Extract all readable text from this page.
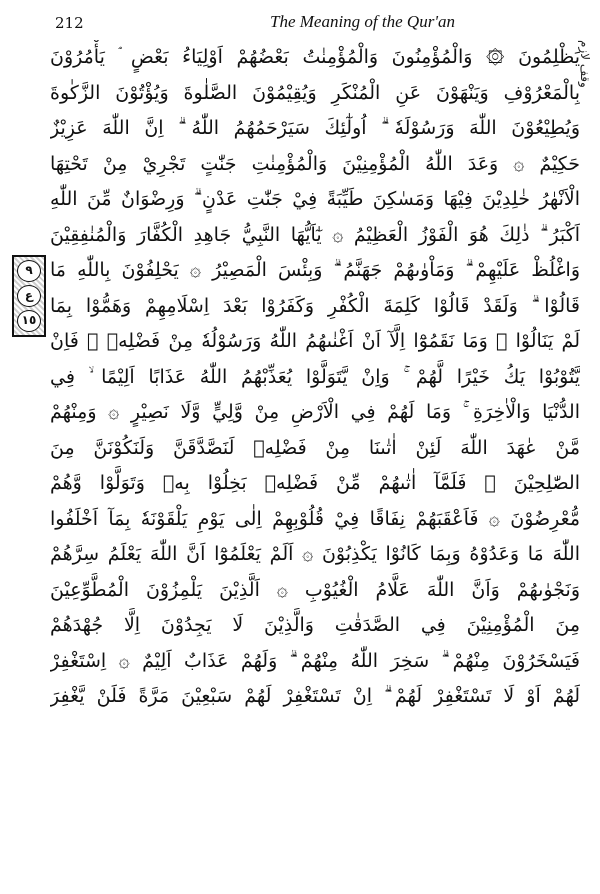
212	The Meaning of the Qur'an
وقف لازم
٩
ع
١٥
يَظْلِمُونَ ۞ وَالْمُؤْمِنُونَ وَالْمُؤْمِنٰتُ بَعْضُهُمْ اَوْلِيَاءُ بَعْضٍ ۘ يَأْمُرُوْنَ
بِالْمَعْرُوْفِ وَيَنْهَوْنَ عَنِ الْمُنْكَرِ وَيُقِيْمُوْنَ الصَّلٰوةَ وَيُؤْتُوْنَ الزَّكٰوةَ
وَيُطِيْعُوْنَ اللّٰهَ وَرَسُوْلَهٗ ۗ اُولٰٓئِكَ سَيَرْحَمُهُمُ اللّٰهُ ۗ اِنَّ اللّٰهَ عَزِيْزٌ
حَكِيْمٌ ۞ وَعَدَ اللّٰهُ الْمُؤْمِنِيْنَ وَالْمُؤْمِنٰتِ جَنّٰتٍ تَجْرِيْ مِنْ تَحْتِهَا
الْاَنْهٰرُ خٰلِدِيْنَ فِيْهَا وَمَسٰكِنَ طَيِّبَةً فِيْ جَنّٰتِ عَدْنٍ ۗ وَرِضْوَانٌ مِّنَ اللّٰهِ
اَكْبَرُ ۗ ذٰلِكَ هُوَ الْفَوْزُ الْعَظِيْمُ ۞ يٰٓاَيُّهَا النَّبِيُّ جَاهِدِ الْكُفَّارَ وَالْمُنٰفِقِيْنَ
وَاغْلُظْ عَلَيْهِمْ ۗ وَمَاْوٰىهُمْ جَهَنَّمُ ۗ وَبِئْسَ الْمَصِيْرُ ۞ يَحْلِفُوْنَ بِاللّٰهِ مَا
قَالُوْا ۗ وَلَقَدْ قَالُوْا كَلِمَةَ الْكُفْرِ وَكَفَرُوْا بَعْدَ اِسْلَامِهِمْ وَهَمُّوْا بِمَا
لَمْ يَنَالُوْا ۚ وَمَا نَقَمُوْٓا اِلَّآ اَنْ اَغْنٰىهُمُ اللّٰهُ وَرَسُوْلُهٗ مِنْ فَضْلِهٖ ۚ فَاِنْ
يَّتُوْبُوْا يَكُ خَيْرًا لَّهُمْ ۚ وَاِنْ يَّتَوَلَّوْا يُعَذِّبْهُمُ اللّٰهُ عَذَابًا اَلِيْمًا ۙ فِي
الدُّنْيَا وَالْاٰخِرَةِ ۚ وَمَا لَهُمْ فِي الْاَرْضِ مِنْ وَّلِيٍّ وَّلَا نَصِيْرٍ ۞ وَمِنْهُمْ
مَّنْ عٰهَدَ اللّٰهَ لَئِنْ اٰتٰىنَا مِنْ فَضْلِهٖ لَنَصَّدَّقَنَّ وَلَنَكُوْنَنَّ مِنَ
الصّٰلِحِيْنَ ۞ فَلَمَّآ اٰتٰىهُمْ مِّنْ فَضْلِهٖ بَخِلُوْا بِهٖ وَتَوَلَّوْا وَّهُمْ
مُّعْرِضُوْنَ ۞ فَاَعْقَبَهُمْ نِفَاقًا فِيْ قُلُوْبِهِمْ اِلٰى يَوْمِ يَلْقَوْنَهٗ بِمَآ اَخْلَفُوا
اللّٰهَ مَا وَعَدُوْهُ وَبِمَا كَانُوْا يَكْذِبُوْنَ ۞ اَلَمْ يَعْلَمُوْٓا اَنَّ اللّٰهَ يَعْلَمُ سِرَّهُمْ
وَنَجْوٰىهُمْ وَاَنَّ اللّٰهَ عَلَّامُ الْغُيُوْبِ ۞ اَلَّذِيْنَ يَلْمِزُوْنَ الْمُطَّوِّعِيْنَ
مِنَ الْمُؤْمِنِيْنَ فِي الصَّدَقٰتِ وَالَّذِيْنَ لَا يَجِدُوْنَ اِلَّا جُهْدَهُمْ
فَيَسْخَرُوْنَ مِنْهُمْ ۗ سَخِرَ اللّٰهُ مِنْهُمْ ۗ وَلَهُمْ عَذَابٌ اَلِيْمٌ ۞ اِسْتَغْفِرْ
لَهُمْ اَوْ لَا تَسْتَغْفِرْ لَهُمْ ۗ اِنْ تَسْتَغْفِرْ لَهُمْ سَبْعِيْنَ مَرَّةً فَلَنْ يَّغْفِرَ
